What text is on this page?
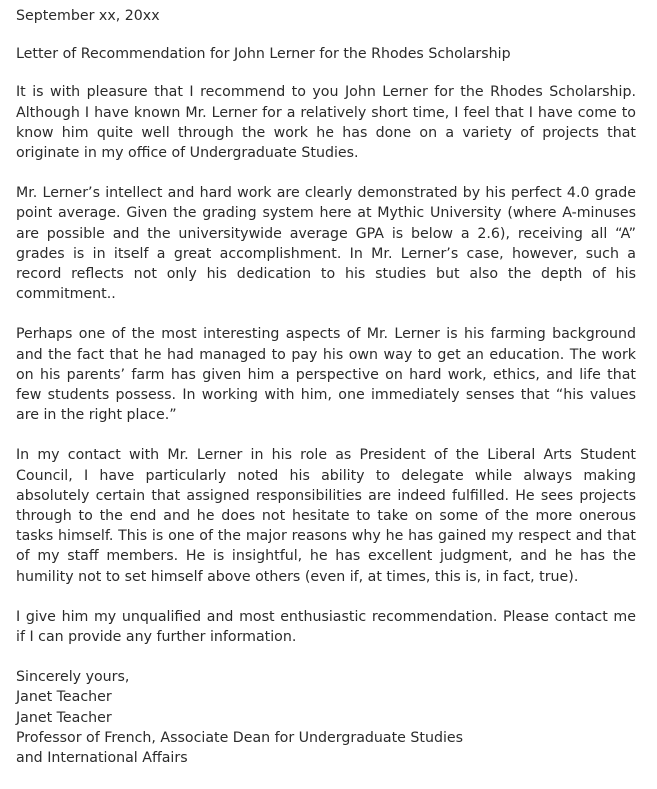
September xx, 20xx

Letter of Recommendation for John Lerner for the Rhodes Scholarship

It is with pleasure that I recommend to you John Lerner for the Rhodes Scholarship. Although I have known Mr. Lerner for a relatively short time, I feel that I have come to know him quite well through the work he has done on a variety of projects that originate in my office of Undergraduate Studies.

Mr. Lerner’s intellect and hard work are clearly demonstrated by his perfect 4.0 grade point average. Given the grading system here at Mythic University (where A-minuses are possible and the universitywide average GPA is below a 2.6), receiving all “A” grades is in itself a great accomplishment. In Mr. Lerner’s case, however, such a record reflects not only his dedication to his studies but also the depth of his commitment..

Perhaps one of the most interesting aspects of Mr. Lerner is his farming background and the fact that he had managed to pay his own way to get an education. The work on his parents’ farm has given him a perspective on hard work, ethics, and life that few students possess. In working with him, one immediately senses that “his values are in the right place.”

In my contact with Mr. Lerner in his role as President of the Liberal Arts Student Council, I have particularly noted his ability to delegate while always making absolutely certain that assigned responsibilities are indeed fulfilled. He sees projects through to the end and he does not hesitate to take on some of the more onerous tasks himself. This is one of the major reasons why he has gained my respect and that of my staff members. He is insightful, he has excellent judgment, and he has the humility not to set himself above others (even if, at times, this is, in fact, true).

I give him my unqualified and most enthusiastic recommendation. Please contact me if I can provide any further information.

Sincerely yours,

Janet Teacher

Janet Teacher

Professor of French, Associate Dean for Undergraduate Studies

and International Affairs
